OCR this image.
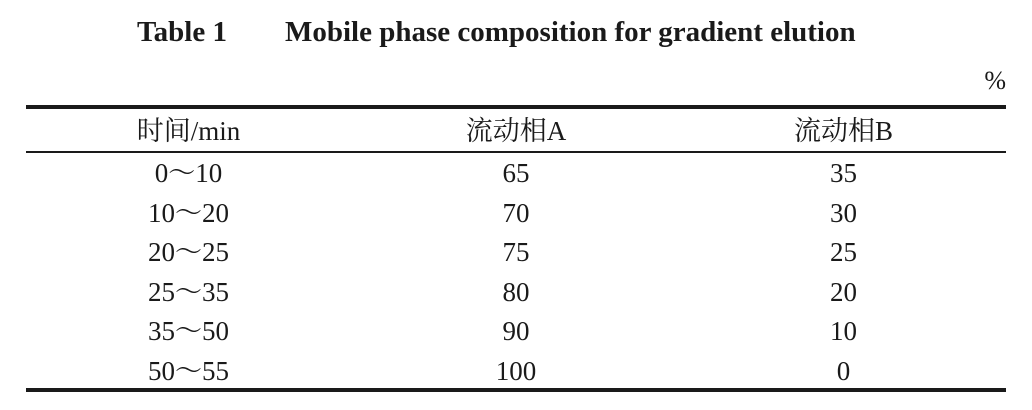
Table 1 Mobile phase composition for gradient elution
%
时间/min	流动相A	流动相B
0～10	65	35
10～20	70	30
20～25	75	25
25～35	80	20
35～50	90	10
50～55	100	0
